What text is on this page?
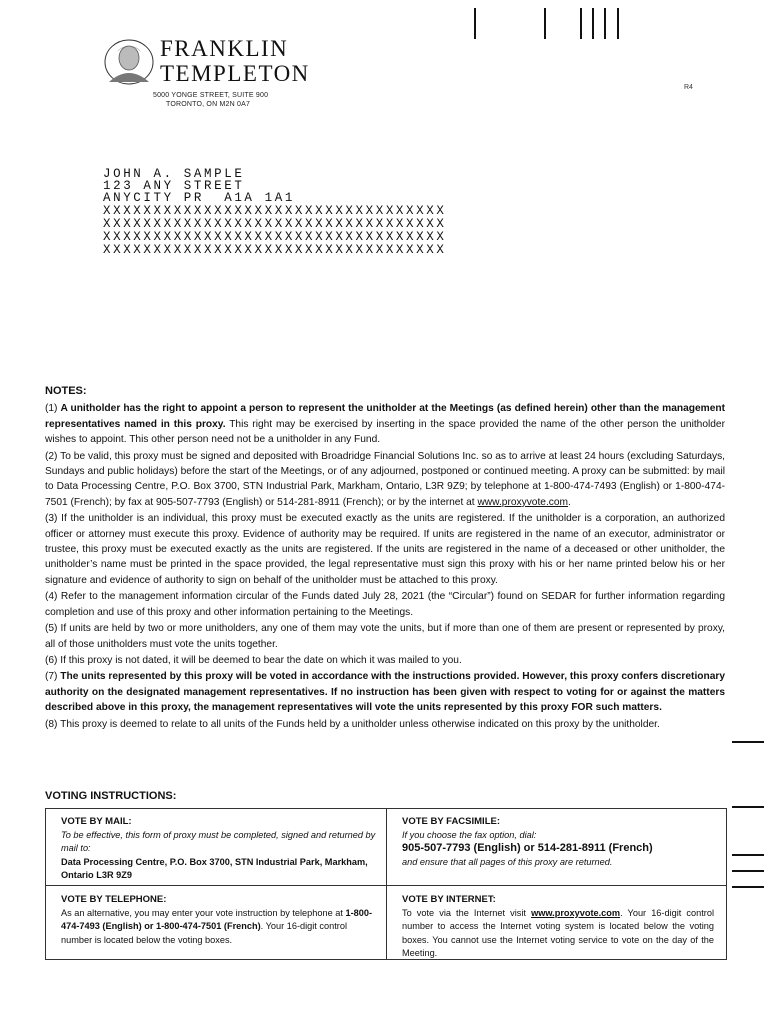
FRANKLIN
TEMPLETON
5000 YONGE STREET, SUITE 900
TORONTO, ON M2N 0A7
R4
JOHN A. SAMPLE
123 ANY STREET
ANYCITY PR  A1A 1A1
XXXXXXXXXXXXXXXXXXXXXXXXXXXXXXXXXX
XXXXXXXXXXXXXXXXXXXXXXXXXXXXXXXXXX
XXXXXXXXXXXXXXXXXXXXXXXXXXXXXXXXXX
XXXXXXXXXXXXXXXXXXXXXXXXXXXXXXXXXX

NOTES:

(1) A unitholder has the right to appoint a person to represent the unitholder at the Meetings (as defined herein) other than the management representatives named in this proxy. This right may be exercised by inserting in the space provided the name of the other person the unitholder wishes to appoint. This other person need not be a unitholder in any Fund.

(2) To be valid, this proxy must be signed and deposited with Broadridge Financial Solutions Inc. so as to arrive at least 24 hours (excluding Saturdays, Sundays and public holidays) before the start of the Meetings, or of any adjourned, postponed or continued meeting. A proxy can be submitted: by mail to Data Processing Centre, P.O. Box 3700, STN Industrial Park, Markham, Ontario, L3R 9Z9; by telephone at 1-800-474-7493 (English) or 1-800-474-7501 (French); by fax at 905-507-7793 (English) or 514-281-8911 (French); or by the internet at www.proxyvote.com.

(3) If the unitholder is an individual, this proxy must be executed exactly as the units are registered. If the unitholder is a corporation, an authorized officer or attorney must execute this proxy. Evidence of authority may be required. If units are registered in the name of an executor, administrator or trustee, this proxy must be executed exactly as the units are registered. If the units are registered in the name of a deceased or other unitholder, the unitholder’s name must be printed in the space provided, the legal representative must sign this proxy with his or her name printed below his or her signature and evidence of authority to sign on behalf of the unitholder must be attached to this proxy.

(4) Refer to the management information circular of the Funds dated July 28, 2021 (the “Circular”) found on SEDAR for further information regarding completion and use of this proxy and other information pertaining to the Meetings.

(5) If units are held by two or more unitholders, any one of them may vote the units, but if more than one of them are present or represented by proxy, all of those unitholders must vote the units together.

(6) If this proxy is not dated, it will be deemed to bear the date on which it was mailed to you.

(7) The units represented by this proxy will be voted in accordance with the instructions provided. However, this proxy confers discretionary authority on the designated management representatives. If no instruction has been given with respect to voting for or against the matters described above in this proxy, the management representatives will vote the units represented by this proxy FOR such matters.

(8) This proxy is deemed to relate to all units of the Funds held by a unitholder unless otherwise indicated on this proxy by the unitholder.

VOTING INSTRUCTIONS:
VOTE BY MAIL:
To be effective, this form of proxy must be completed, signed and returned by mail to:
Data Processing Centre, P.O. Box 3700, STN Industrial Park, Markham, Ontario L3R 9Z9
VOTE BY FACSIMILE:
If you choose the fax option, dial:
905-507-7793 (English) or 514-281-8911 (French)
and ensure that all pages of this proxy are returned.
VOTE BY TELEPHONE:
As an alternative, you may enter your vote instruction by telephone at 1-800-474-7493 (English) or 1-800-474-7501 (French). Your 16-digit control number is located below the voting boxes.
VOTE BY INTERNET:
To vote via the Internet visit www.proxyvote.com. Your 16-digit control number to access the Internet voting system is located below the voting boxes. You cannot use the Internet voting service to vote on the day of the Meeting.
